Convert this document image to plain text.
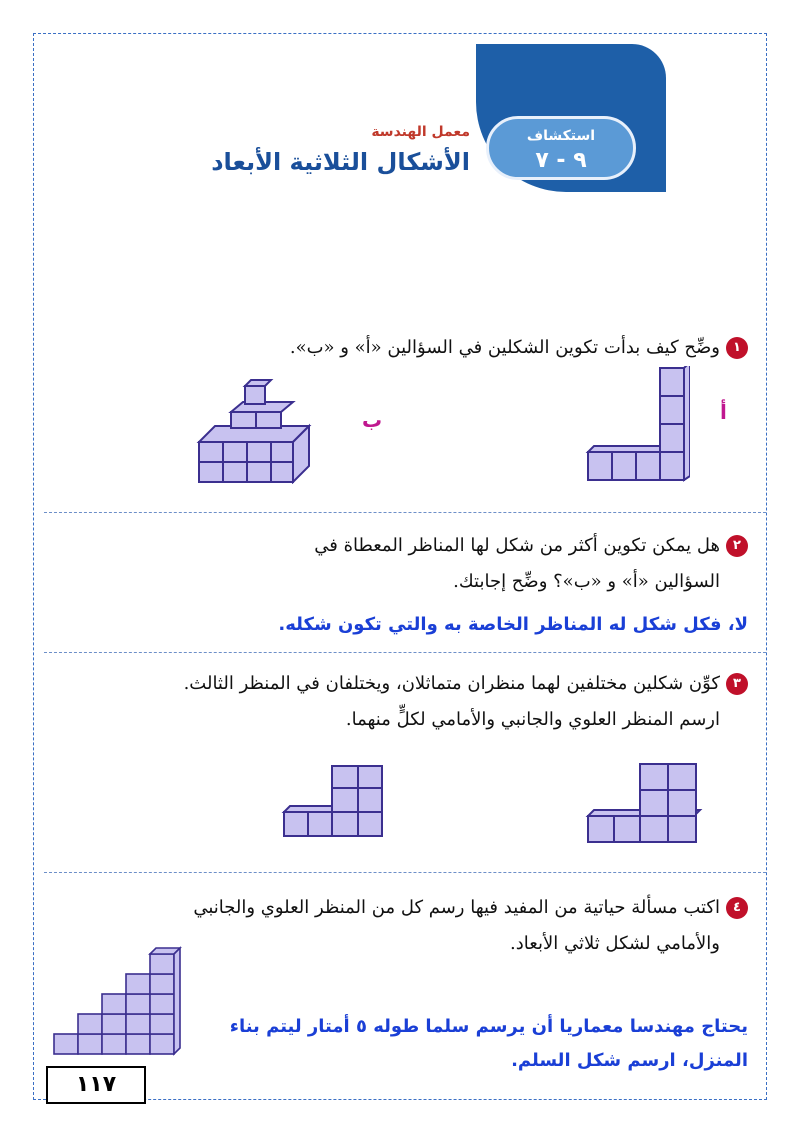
استكشاف
٩ - ٧
معمل الهندسة
الأشكال الثلاثية الأبعاد
١وضِّح كيف بدأت تكوين الشكلين في السؤالين «أ» و «ب».
أ
ب
٢هل يمكن تكوين أكثر من شكل لها المناظر المعطاة في
السؤالين «أ» و «ب»؟ وضِّح إجابتك.
لا، فكل شكل له المناظر الخاصة به والتي تكون شكله.
٣كوِّن شكلين مختلفين لهما منظران متماثلان، ويختلفان في المنظر الثالث.
ارسم المنظر العلوي والجانبي والأمامي لكلٍّ منهما.
٤اكتب مسألة حياتية من المفيد فيها رسم كل من المنظر العلوي والجانبي
والأمامي لشكل ثلاثي الأبعاد.
يحتاج مهندسا معماريا أن يرسم سلما طوله ٥ أمتار ليتم بناء
المنزل، ارسم شكل السلم.
١١٧
